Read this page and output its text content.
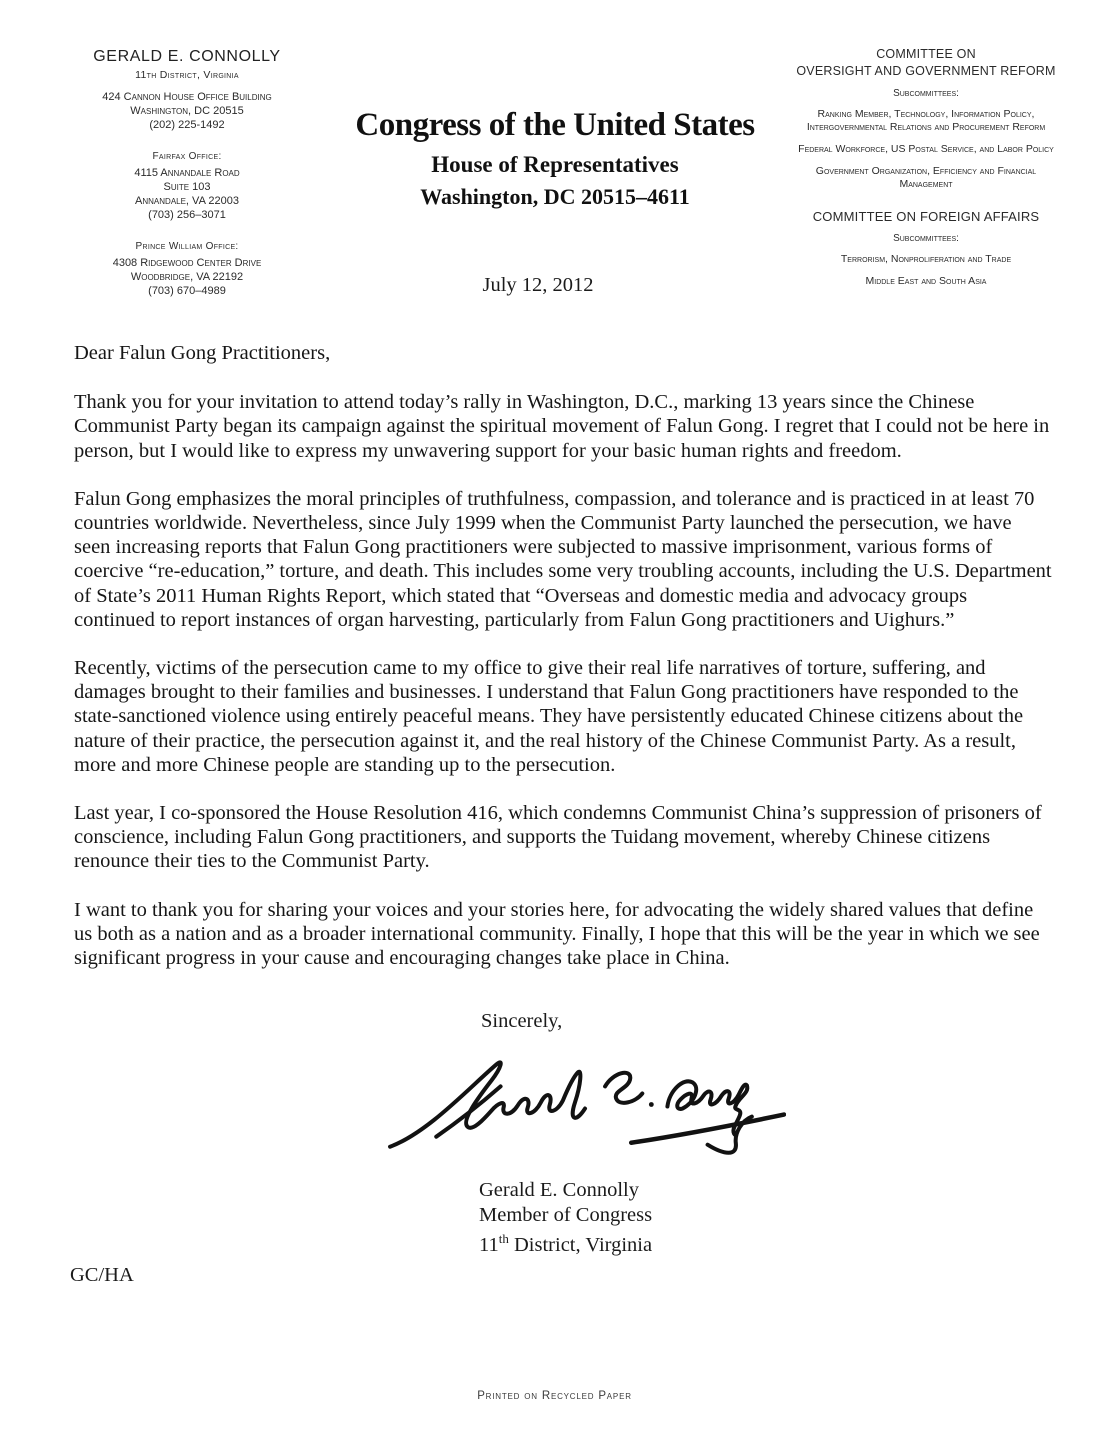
GERALD E. CONNOLLY
11th District, Virginia
424 Cannon House Office Building
Washington, DC 20515
(202) 225-1492
Fairfax Office:
4115 Annandale Road
Suite 103
Annandale, VA 22003
(703) 256–3071
Prince William Office:
4308 Ridgewood Center Drive
Woodbridge, VA 22192
(703) 670–4989
Congress of the United States
House of Representatives
Washington, DC 20515–4611
July 12, 2012
COMMITTEE ON
OVERSIGHT AND GOVERNMENT REFORM
Subcommittees:
Ranking Member, Technology, Information Policy, Intergovernmental Relations and Procurement Reform
Federal Workforce, US Postal Service, and Labor Policy
Government Organization, Efficiency and Financial Management
COMMITTEE ON FOREIGN AFFAIRS
Subcommittees:
Terrorism, Nonproliferation and Trade
Middle East and South Asia
Dear Falun Gong Practitioners,
Thank you for your invitation to attend today’s rally in Washington, D.C., marking 13 years since the Chinese Communist Party began its campaign against the spiritual movement of Falun Gong. I regret that I could not be here in person, but I would like to express my unwavering support for your basic human rights and freedom.
Falun Gong emphasizes the moral principles of truthfulness, compassion, and tolerance and is practiced in at least 70 countries worldwide. Nevertheless, since July 1999 when the Communist Party launched the persecution, we have seen increasing reports that Falun Gong practitioners were subjected to massive imprisonment, various forms of coercive “re-education,” torture, and death. This includes some very troubling accounts, including the U.S. Department of State’s 2011 Human Rights Report, which stated that “Overseas and domestic media and advocacy groups continued to report instances of organ harvesting, particularly from Falun Gong practitioners and Uighurs.”
Recently, victims of the persecution came to my office to give their real life narratives of torture, suffering, and damages brought to their families and businesses. I understand that Falun Gong practitioners have responded to the state-sanctioned violence using entirely peaceful means. They have persistently educated Chinese citizens about the nature of their practice, the persecution against it, and the real history of the Chinese Communist Party. As a result, more and more Chinese people are standing up to the persecution.
Last year, I co-sponsored the House Resolution 416, which condemns Communist China’s suppression of prisoners of conscience, including Falun Gong practitioners, and supports the Tuidang movement, whereby Chinese citizens renounce their ties to the Communist Party.
I want to thank you for sharing your voices and your stories here, for advocating the widely shared values that define us both as a nation and as a broader international community. Finally, I hope that this will be the year in which we see significant progress in your cause and encouraging changes take place in China.
Sincerely,
Gerald E. Connolly
Member of Congress
11th District, Virginia
GC/HA
Printed on Recycled Paper
